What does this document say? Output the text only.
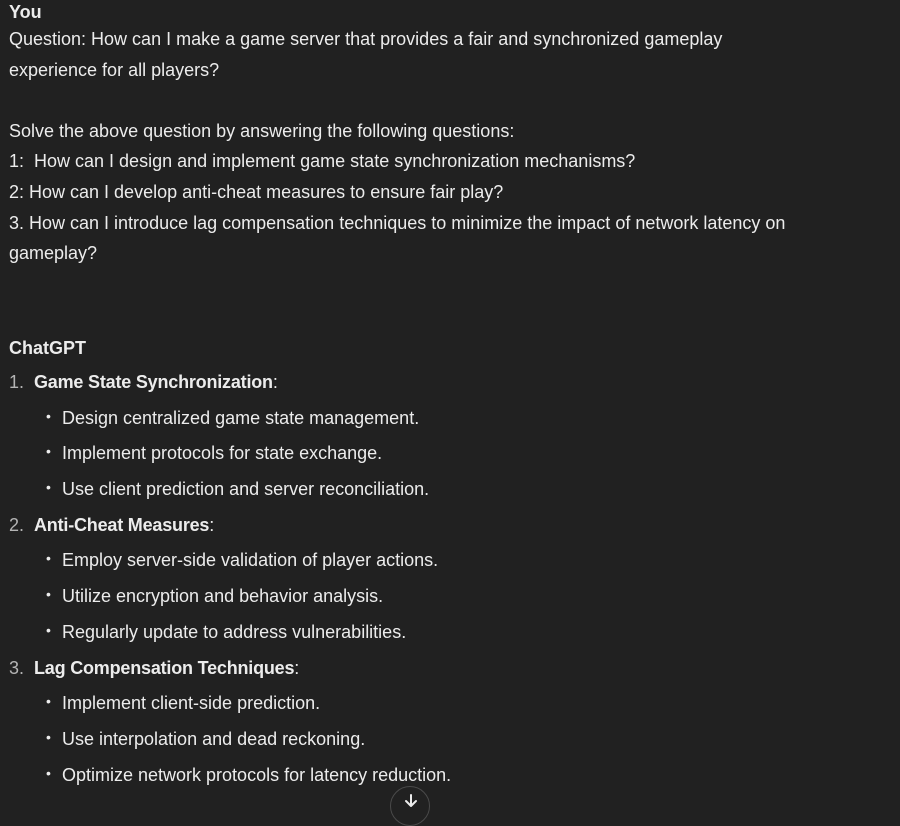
You
Question: How can I make a game server that provides a fair and synchronized gameplay
experience for all players?
Solve the above question by answering the following questions:
1:  How can I design and implement game state synchronization mechanisms?
2: How can I develop anti-cheat measures to ensure fair play?
3. How can I introduce lag compensation techniques to minimize the impact of network latency on
gameplay?
ChatGPT
1. Game State Synchronization :
• Design centralized game state management.
• Implement protocols for state exchange.
• Use client prediction and server reconciliation.
2. Anti-Cheat Measures :
• Employ server-side validation of player actions.
• Utilize encryption and behavior analysis.
• Regularly update to address vulnerabilities.
3. Lag Compensation Techniques :
• Implement client-side prediction.
• Use interpolation and dead reckoning.
• Optimize network protocols for latency reduction.
